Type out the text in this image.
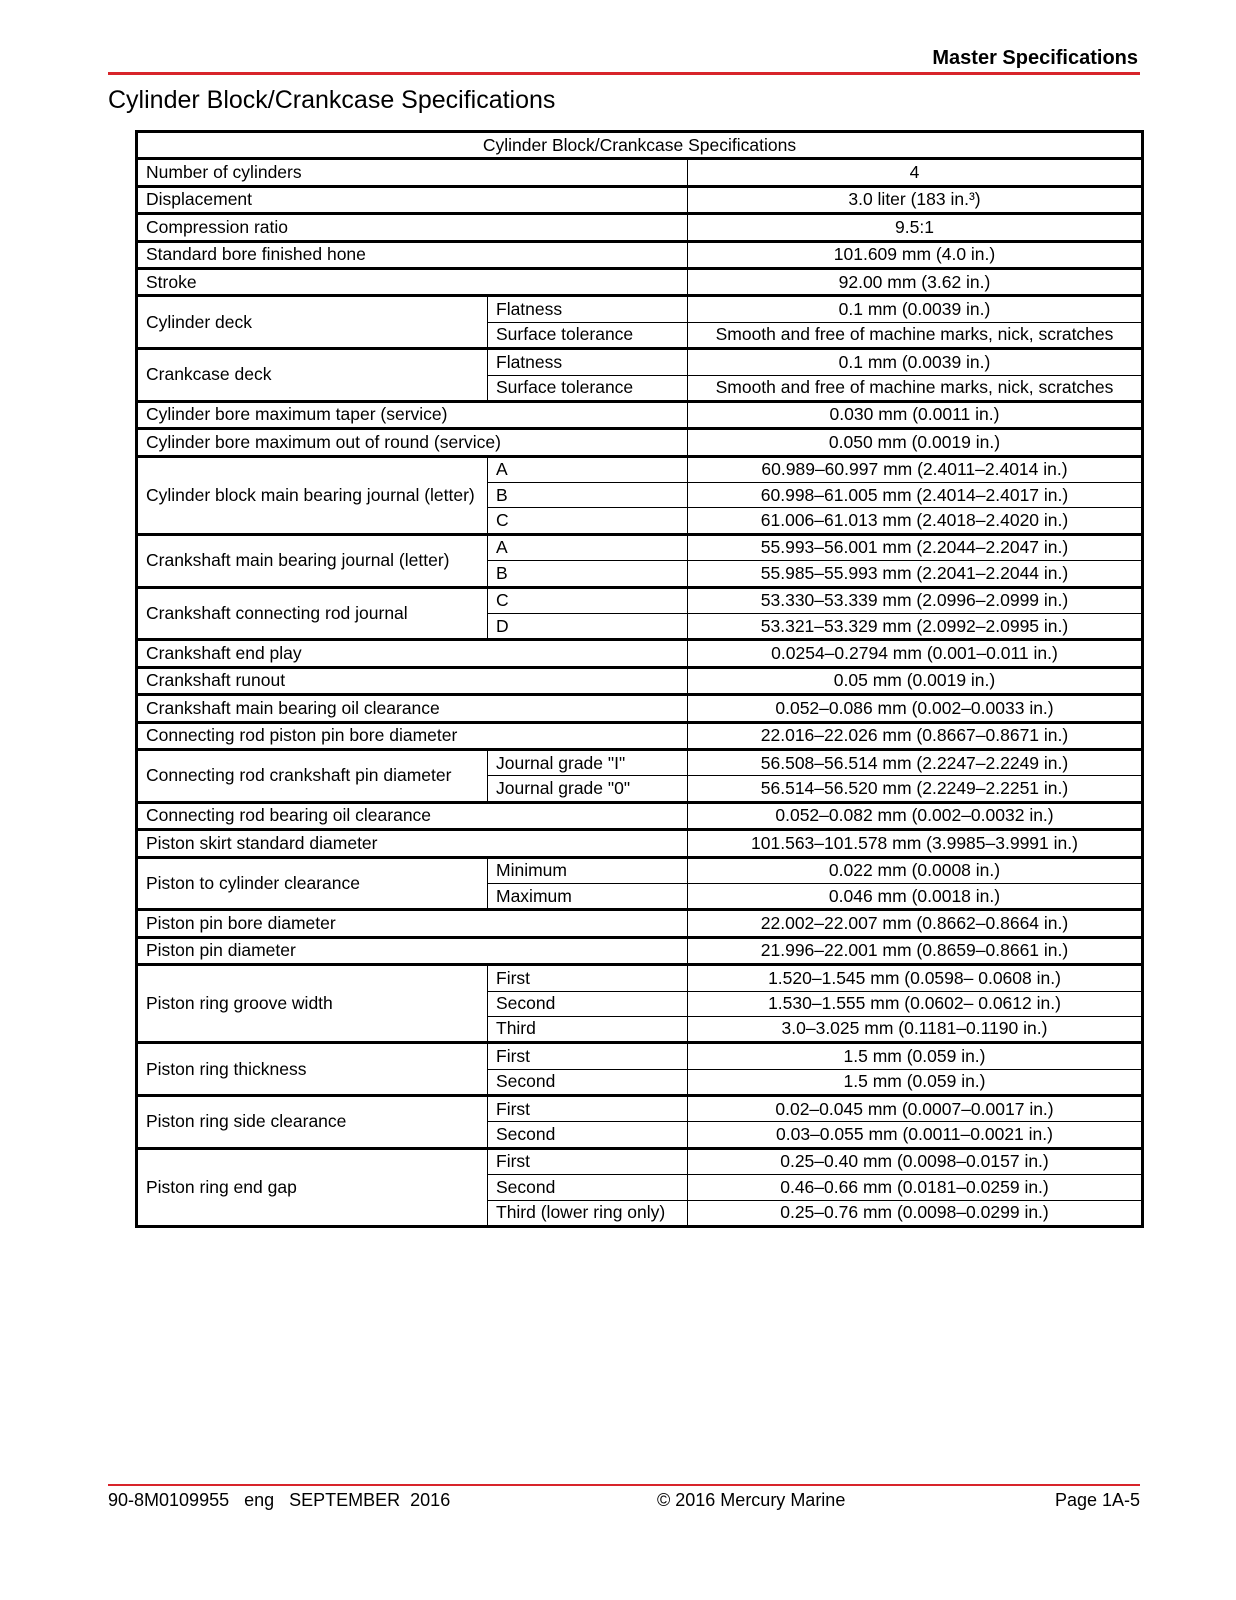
Master Specifications
Cylinder Block/Crankcase Specifications
Cylinder Block/Crankcase Specifications		
Number of cylinders		4
Displacement		3.0 liter (183 in.³)
Compression ratio		9.5:1
Standard bore finished hone		101.609 mm (4.0 in.)
Stroke		92.00 mm (3.62 in.)
Cylinder deck	Flatness	0.1 mm (0.0039 in.)
	Surface tolerance	Smooth and free of machine marks, nick, scratches
Crankcase deck	Flatness	0.1 mm (0.0039 in.)
	Surface tolerance	Smooth and free of machine marks, nick, scratches
Cylinder bore maximum taper (service)		0.030 mm (0.0011 in.)
Cylinder bore maximum out of round (service)		0.050 mm (0.0019 in.)
Cylinder block main bearing journal (letter)	A	60.989–60.997 mm (2.4011–2.4014 in.)
	B	60.998–61.005 mm (2.4014–2.4017 in.)
	C	61.006–61.013 mm (2.4018–2.4020 in.)
Crankshaft main bearing journal (letter)	A	55.993–56.001 mm (2.2044–2.2047 in.)
	B	55.985–55.993 mm (2.2041–2.2044 in.)
Crankshaft connecting rod journal	C	53.330–53.339 mm (2.0996–2.0999 in.)
	D	53.321–53.329 mm (2.0992–2.0995 in.)
Crankshaft end play		0.0254–0.2794 mm (0.001–0.011 in.)
Crankshaft runout		0.05 mm (0.0019 in.)
Crankshaft main bearing oil clearance		0.052–0.086 mm (0.002–0.0033 in.)
Connecting rod piston pin bore diameter		22.016–22.026 mm (0.8667–0.8671 in.)
Connecting rod crankshaft pin diameter	Journal grade "I"	56.508–56.514 mm (2.2247–2.2249 in.)
	Journal grade "0"	56.514–56.520 mm (2.2249–2.2251 in.)
Connecting rod bearing oil clearance		0.052–0.082 mm (0.002–0.0032 in.)
Piston skirt standard diameter		101.563–101.578 mm (3.9985–3.9991 in.)
Piston to cylinder clearance	Minimum	0.022 mm (0.0008 in.)
	Maximum	0.046 mm (0.0018 in.)
Piston pin bore diameter		22.002–22.007 mm (0.8662–0.8664 in.)
Piston pin diameter		21.996–22.001 mm (0.8659–0.8661 in.)
Piston ring groove width	First	1.520–1.545 mm (0.0598– 0.0608 in.)
	Second	1.530–1.555 mm (0.0602– 0.0612 in.)
	Third	3.0–3.025 mm (0.1181–0.1190 in.)
Piston ring thickness	First	1.5 mm (0.059 in.)
	Second	1.5 mm (0.059 in.)
Piston ring side clearance	First	0.02–0.045 mm (0.0007–0.0017 in.)
	Second	0.03–0.055 mm (0.0011–0.0021 in.)
Piston ring end gap	First	0.25–0.40 mm (0.0098–0.0157 in.)
	Second	0.46–0.66 mm (0.0181–0.0259 in.)
	Third (lower ring only)	0.25–0.76 mm (0.0098–0.0299 in.)
90-8M0109955   eng   SEPTEMBER  2016	© 2016 Mercury Marine	Page 1A-5
